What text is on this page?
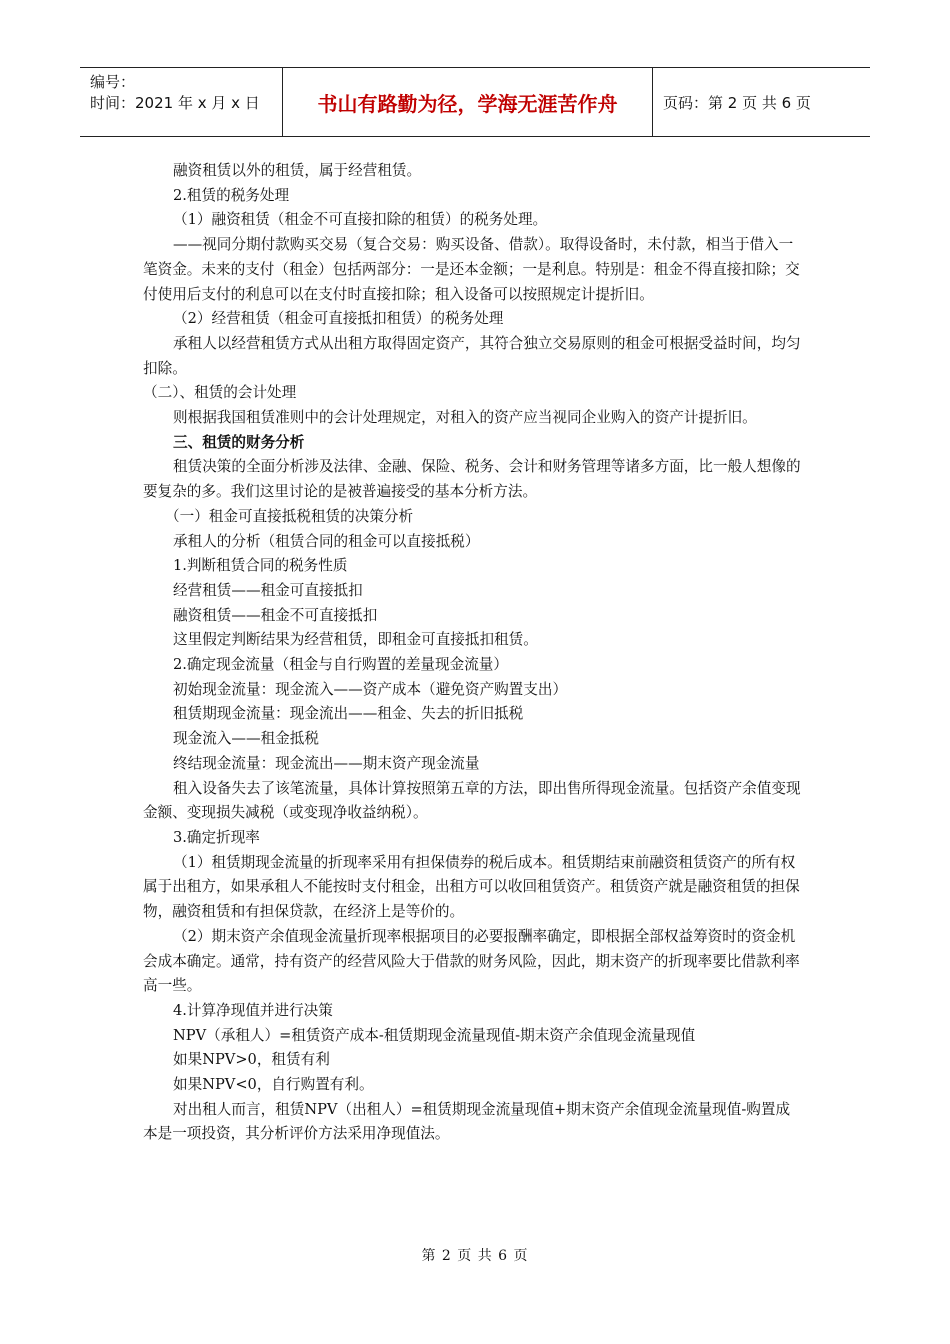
编号：
时间：2021 年 x 月 x 日	书山有路勤为径，学海无涯苦作舟	页码：第 2 页 共 6 页

融资租赁以外的租赁，属于经营租赁。

2.租赁的税务处理

（1）融资租赁（租金不可直接扣除的租赁）的税务处理。

——视同分期付款购买交易（复合交易：购买设备、借款）。取得设备时，未付款，相当于借入一笔资金。未来的支付（租金）包括两部分：一是还本金额；一是利息。特别是：租金不得直接扣除；交付使用后支付的利息可以在支付时直接扣除；租入设备可以按照规定计提折旧。

（2）经营租赁（租金可直接抵扣租赁）的税务处理

承租人以经营租赁方式从出租方取得固定资产，其符合独立交易原则的租金可根据受益时间，均匀扣除。

（二）、租赁的会计处理

则根据我国租赁准则中的会计处理规定，对租入的资产应当视同企业购入的资产计提折旧。

三、租赁的财务分析

租赁决策的全面分析涉及法律、金融、保险、税务、会计和财务管理等诸多方面，比一般人想像的要复杂的多。我们这里讨论的是被普遍接受的基本分析方法。

（一）租金可直接抵税租赁的决策分析

承租人的分析（租赁合同的租金可以直接抵税）

1.判断租赁合同的税务性质

经营租赁——租金可直接抵扣

融资租赁——租金不可直接抵扣

这里假定判断结果为经营租赁，即租金可直接抵扣租赁。

2.确定现金流量（租金与自行购置的差量现金流量）

初始现金流量：现金流入——资产成本（避免资产购置支出）

租赁期现金流量：现金流出——租金、失去的折旧抵税

现金流入——租金抵税

终结现金流量：现金流出——期末资产现金流量

租入设备失去了该笔流量，具体计算按照第五章的方法，即出售所得现金流量。包括资产余值变现金额、变现损失减税（或变现净收益纳税）。

3.确定折现率

（1）租赁期现金流量的折现率采用有担保债券的税后成本。租赁期结束前融资租赁资产的所有权属于出租方，如果承租人不能按时支付租金，出租方可以收回租赁资产。租赁资产就是融资租赁的担保物，融资租赁和有担保贷款，在经济上是等价的。

（2）期末资产余值现金流量折现率根据项目的必要报酬率确定，即根据全部权益筹资时的资金机会成本确定。通常，持有资产的经营风险大于借款的财务风险，因此，期末资产的折现率要比借款利率高一些。

4.计算净现值并进行决策

NPV（承租人）=租赁资产成本-租赁期现金流量现值-期末资产余值现金流量现值

如果NPV>0，租赁有利

如果NPV<0，自行购置有利。

对出租人而言，租赁NPV（出租人）=租赁期现金流量现值+期末资产余值现金流量现值-购置成本是一项投资，其分析评价方法采用净现值法。

第 2 页 共 6 页
